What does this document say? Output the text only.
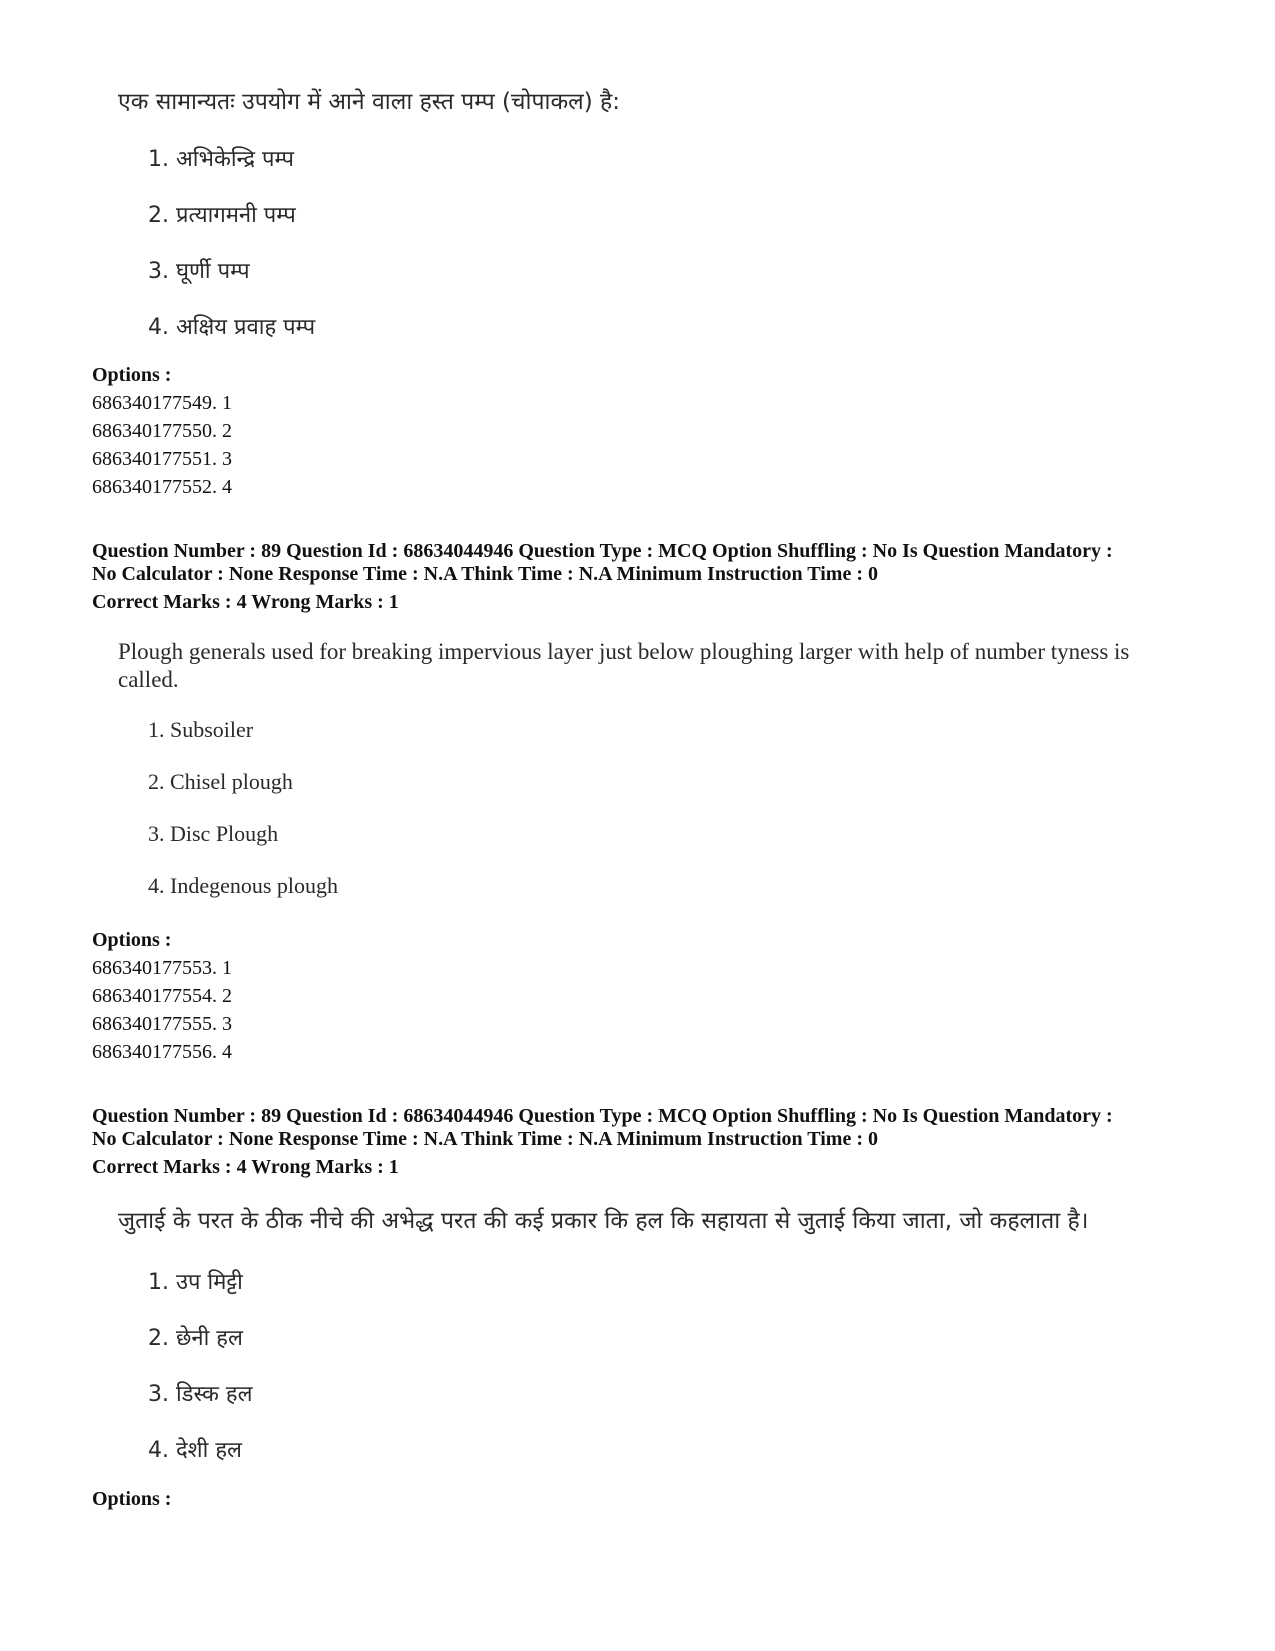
एक सामान्यतः उपयोग में आने वाला हस्त पम्प (चोपाकल) है:
1. अभिकेन्द्रि पम्प
2. प्रत्यागमनी पम्प
3. घूर्णी पम्प
4. अक्षिय प्रवाह पम्प
Options :
686340177549. 1
686340177550. 2
686340177551. 3
686340177552. 4
Question Number : 89 Question Id : 68634044946 Question Type : MCQ Option Shuffling : No Is Question Mandatory :
No Calculator : None Response Time : N.A Think Time : N.A Minimum Instruction Time : 0
Correct Marks : 4 Wrong Marks : 1
Plough generals used for breaking impervious layer just below ploughing larger with help of number tyness is called.
1. Subsoiler
2. Chisel plough
3. Disc Plough
4. Indegenous plough
Options :
686340177553. 1
686340177554. 2
686340177555. 3
686340177556. 4
Question Number : 89 Question Id : 68634044946 Question Type : MCQ Option Shuffling : No Is Question Mandatory :
No Calculator : None Response Time : N.A Think Time : N.A Minimum Instruction Time : 0
Correct Marks : 4 Wrong Marks : 1
जुताई के परत के ठीक नीचे की अभेद्ध परत की कई प्रकार कि हल कि सहायता से जुताई किया जाता, जो कहलाता है।
1. उप मिट्टी
2. छेनी हल
3. डिस्क हल
4. देशी हल
Options :
